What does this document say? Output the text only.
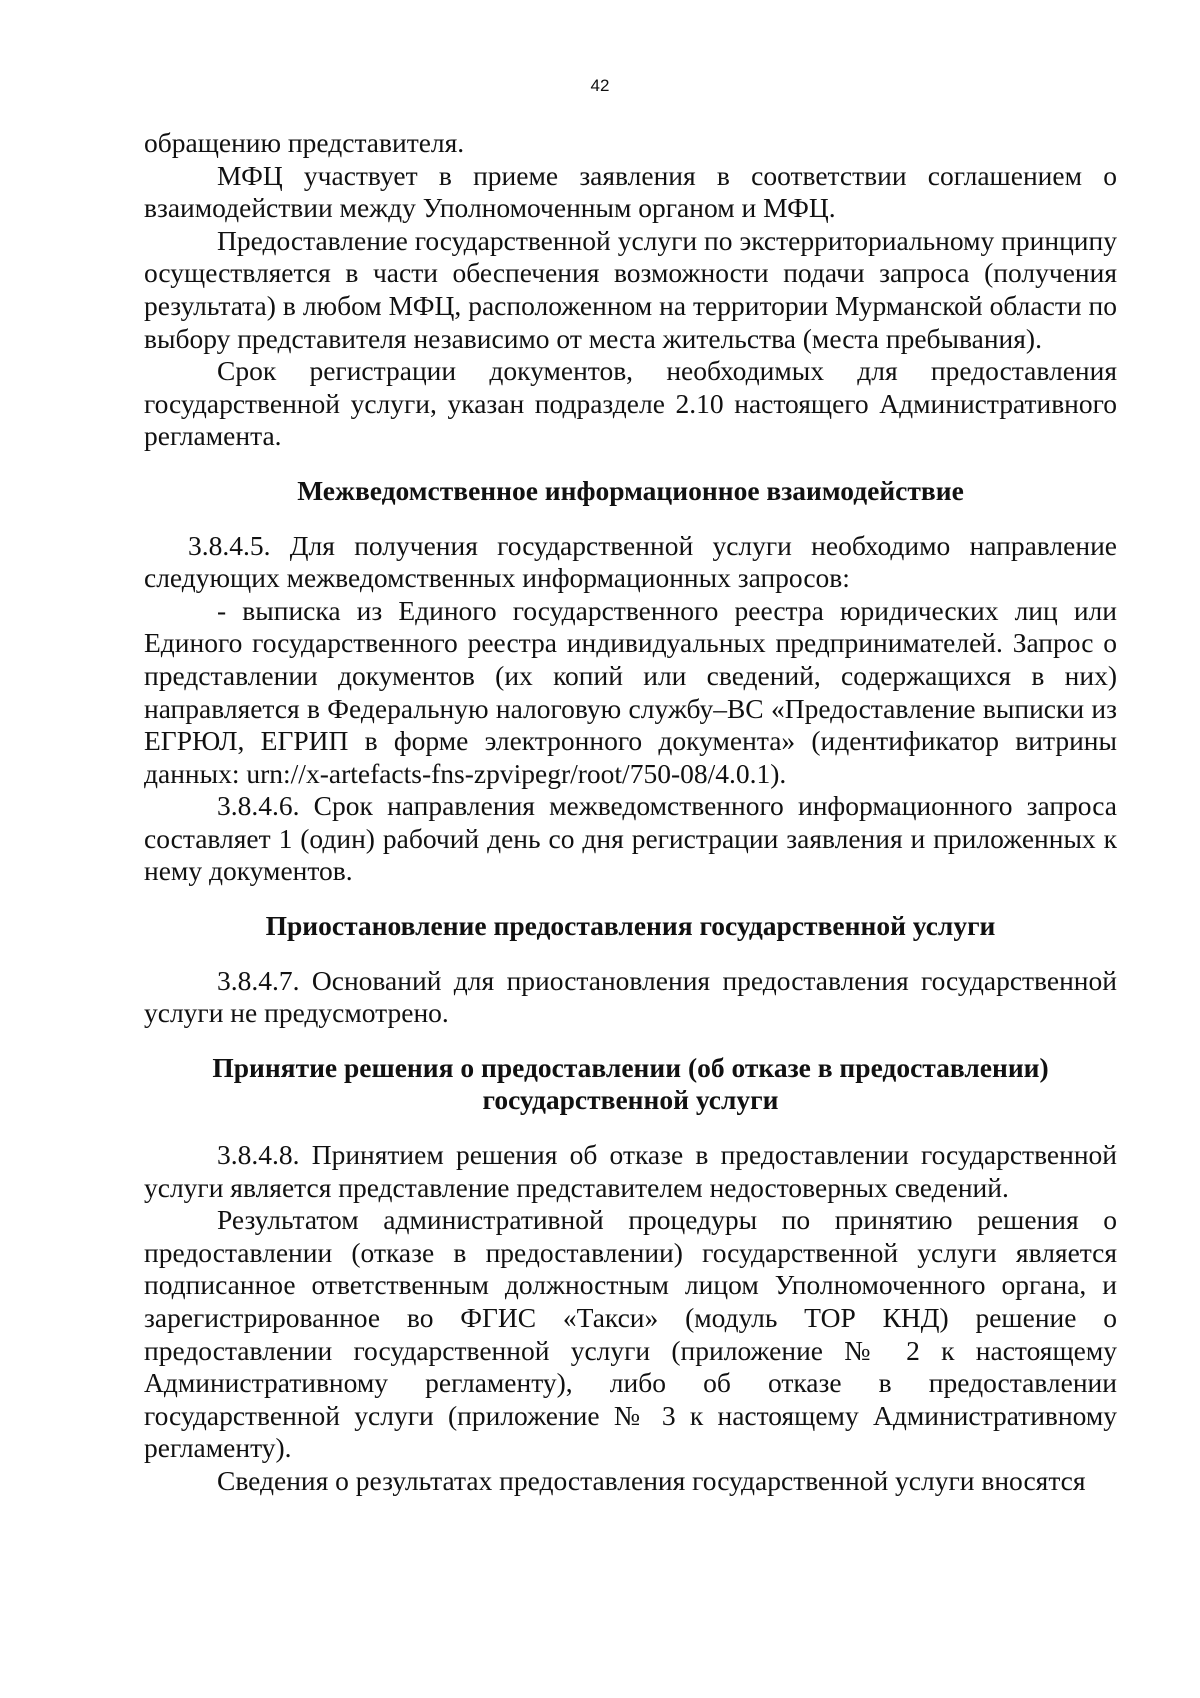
42

обращению представителя.

МФЦ участвует в приеме заявления в соответствии соглашением о взаимодействии между Уполномоченным органом и МФЦ.

Предоставление государственной услуги по экстерриториальному принципу осуществляется в части обеспечения возможности подачи запроса (получения результата) в любом МФЦ, расположенном на территории Мурманской области по выбору представителя независимо от места жительства (места пребывания).

Срок регистрации документов, необходимых для предоставления государственной услуги, указан подразделе 2.10 настоящего Административного регламента.

Межведомственное информационное взаимодействие

3.8.4.5. Для получения государственной услуги необходимо направление следующих межведомственных информационных запросов:

- выписка из Единого государственного реестра юридических лиц или Единого государственного реестра индивидуальных предпринимателей. Запрос о представлении документов (их копий или сведений, содержащихся в них) направляется в Федеральную налоговую службу–ВС «Предоставление выписки из ЕГРЮЛ, ЕГРИП в форме электронного документа» (идентификатор витрины данных: urn://x-artefacts-fns-zpvipegr/root/750-08/4.0.1).

3.8.4.6. Срок направления межведомственного информационного запроса составляет 1 (один) рабочий день со дня регистрации заявления и приложенных к нему документов.

Приостановление предоставления государственной услуги

3.8.4.7. Оснований для приостановления предоставления государственной услуги не предусмотрено.

Принятие решения о предоставлении (об отказе в предоставлении)
государственной услуги

3.8.4.8. Принятием решения об отказе в предоставлении государственной услуги является представление представителем недостоверных сведений.

Результатом административной процедуры по принятию решения о предоставлении (отказе в предоставлении) государственной услуги является подписанное ответственным должностным лицом Уполномоченного органа, и зарегистрированное во ФГИС «Такси» (модуль ТОР КНД) решение о предоставлении государственной услуги (приложение № 2 к настоящему Административному регламенту), либо об отказе в предоставлении государственной услуги (приложение № 3 к настоящему Административному регламенту).

Сведения о результатах предоставления государственной услуги вносятся
